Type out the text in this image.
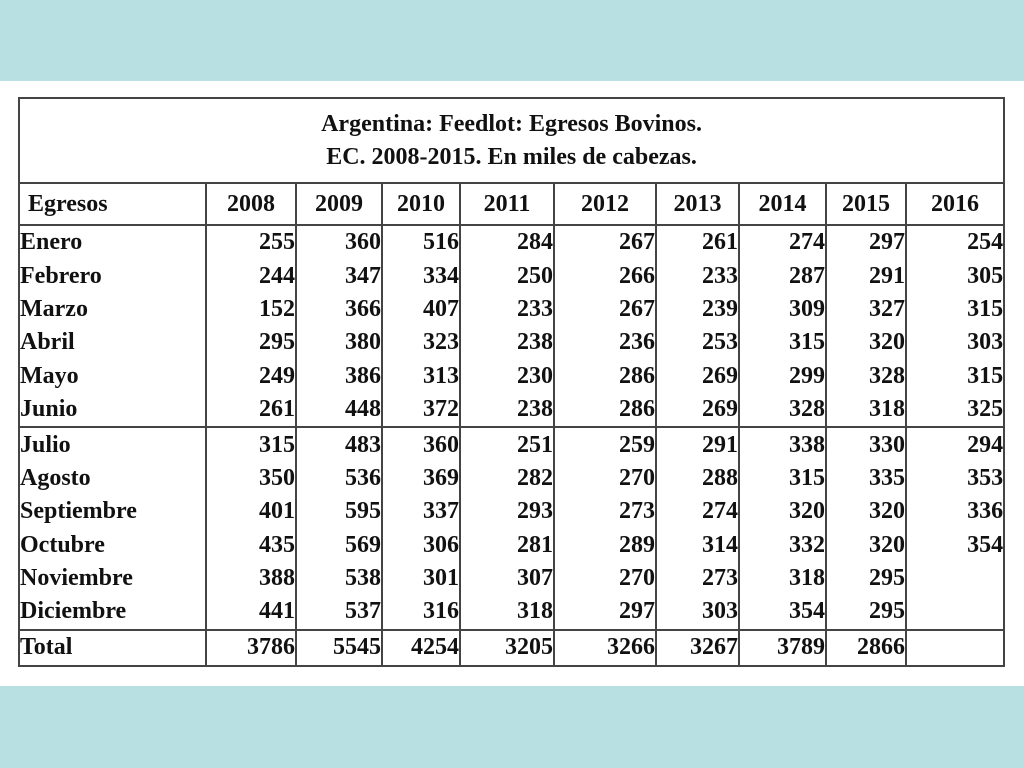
Argentina: Feedlot: Egresos Bovinos.
EC. 2008-2015. En miles de cabezas.									

Egresos	2008	2009	2010	2011	2012	2013	2014	2015	2016
Enero	255	360	516	284	267	261	274	297	254
Febrero	244	347	334	250	266	233	287	291	305
Marzo	152	366	407	233	267	239	309	327	315
Abril	295	380	323	238	236	253	315	320	303
Mayo	249	386	313	230	286	269	299	328	315
Junio	261	448	372	238	286	269	328	318	325
Julio	315	483	360	251	259	291	338	330	294
Agosto	350	536	369	282	270	288	315	335	353
Septiembre	401	595	337	293	273	274	320	320	336
Octubre	435	569	306	281	289	314	332	320	354
Noviembre	388	538	301	307	270	273	318	295	
Diciembre	441	537	316	318	297	303	354	295	
Total	3786	5545	4254	3205	3266	3267	3789	2866	
